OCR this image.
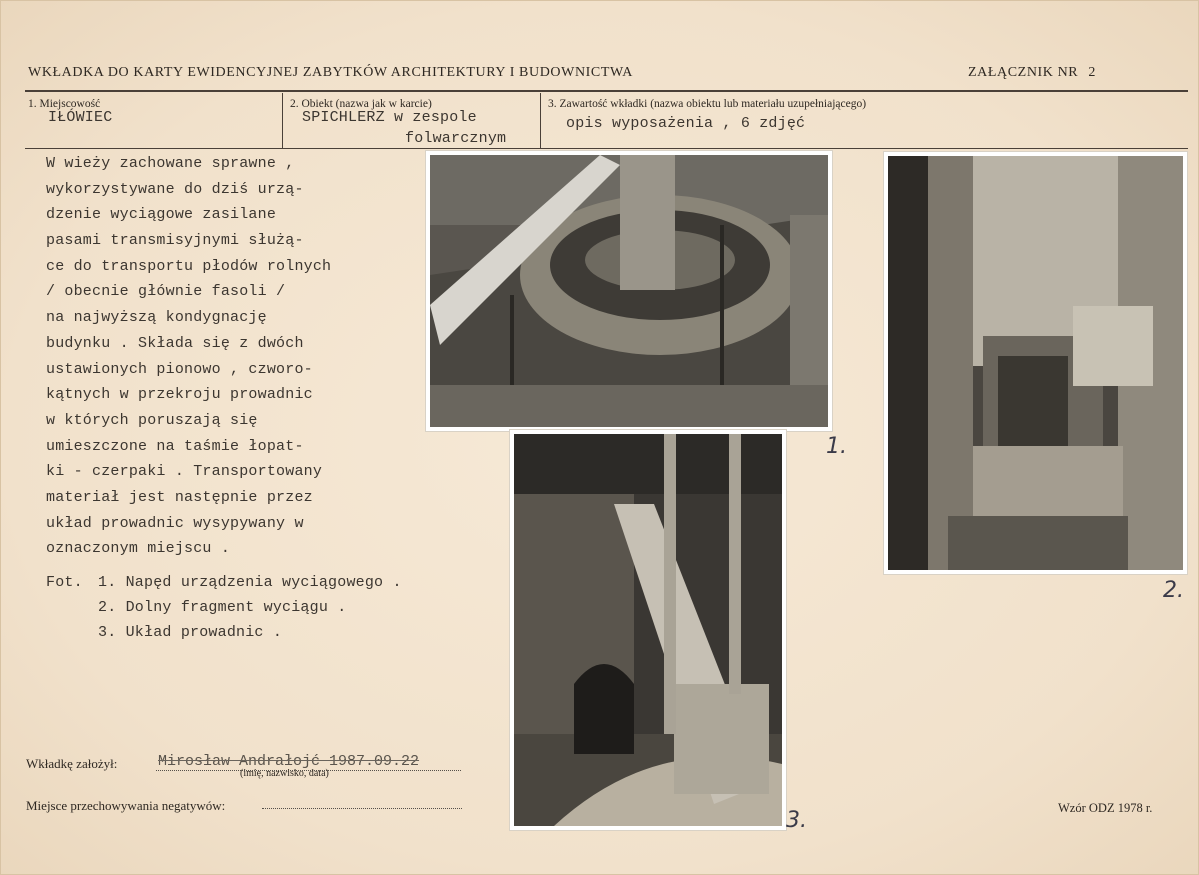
WKŁADKA DO KARTY EWIDENCYJNEJ ZABYTKÓW ARCHITEKTURY I BUDOWNICTWA	ZAŁĄCZNIK NR 2
1. Miejscowość
IŁÓWIEC
2. Obiekt (nazwa jak w karcie)
SPICHLERZ w zespole
folwarcznym
3. Zawartość wkładki (nazwa obiektu lub materiału uzupełniającego)
opis wyposażenia , 6 zdjęć
W wieży zachowane sprawne ,
wykorzystywane do dziś urzą-
dzenie wyciągowe zasilane
pasami transmisyjnymi służą-
ce do transportu płodów rolnych
/ obecnie głównie fasoli /
na najwyższą kondygnację
budynku . Składa się z dwóch
ustawionych pionowo , czworo-
kątnych w przekroju prowadnic
w których poruszają się
umieszczone na taśmie łopat-
ki - czerpaki . Transportowany
materiał jest następnie przez
układ prowadnic wysypywany w
oznaczonym miejscu .
Fot. 1. Napęd urządzenia wyciągowego .
2. Dolny fragment wyciągu .
3. Układ prowadnic .
1.
2.
3.
Wkładkę założył:	Mirosław Andrałojć 1987.09.22
(imię, nazwisko, data)
Miejsce przechowywania negatywów:	Wzór ODZ 1978 r.
